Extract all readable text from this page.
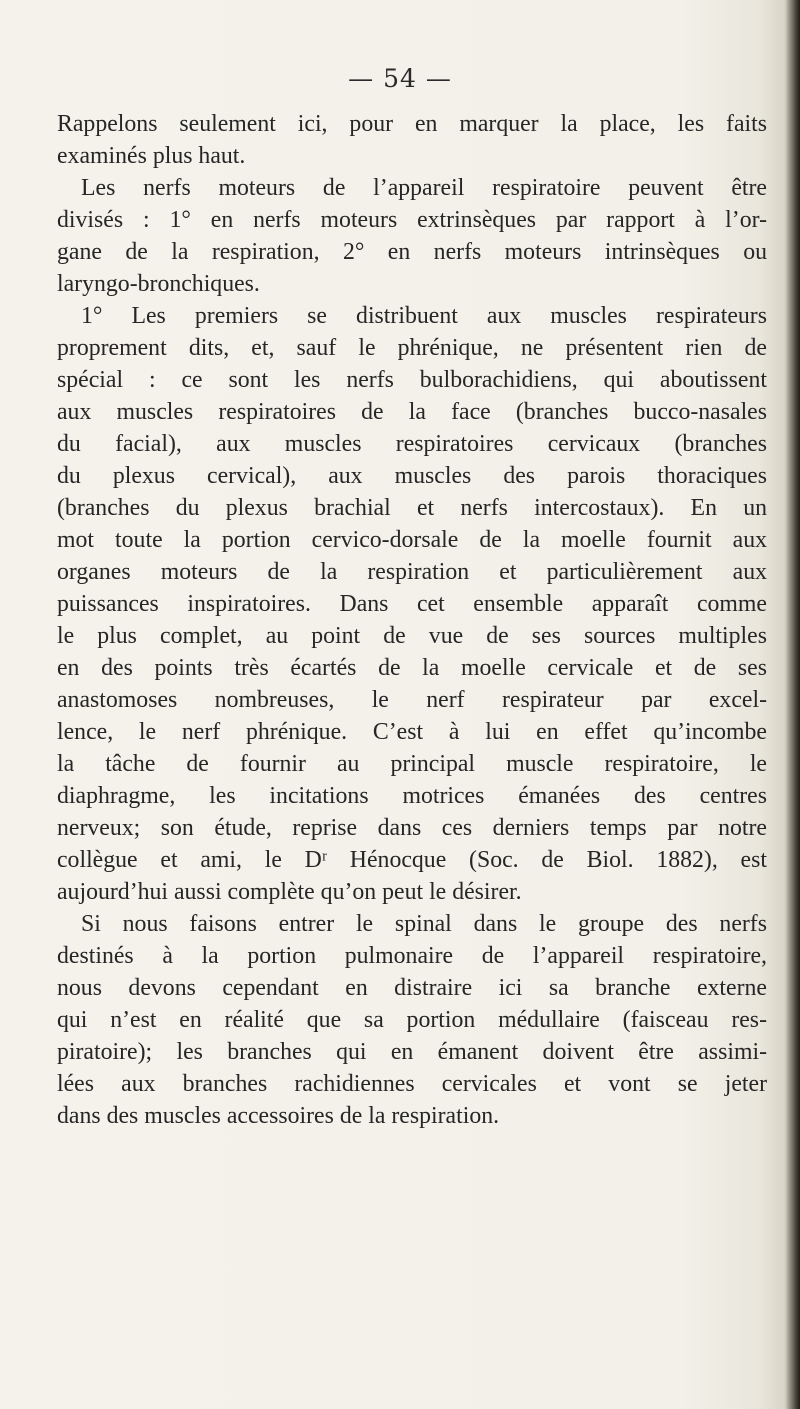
— 54 —
Rappelons seulement ici, pour en marquer la place, les faits
examinés plus haut.
Les nerfs moteurs de l’appareil respiratoire peuvent être
divisés : 1° en nerfs moteurs extrinsèques par rapport à l’or-
gane de la respiration, 2° en nerfs moteurs intrinsèques ou
laryngo-bronchiques.
1° Les premiers se distribuent aux muscles respirateurs
proprement dits, et, sauf le phrénique, ne présentent rien de
spécial : ce sont les nerfs bulborachidiens, qui aboutissent
aux muscles respiratoires de la face (branches bucco-nasales
du facial), aux muscles respiratoires cervicaux (branches
du plexus cervical), aux muscles des parois thoraciques
(branches du plexus brachial et nerfs intercostaux). En un
mot toute la portion cervico-dorsale de la moelle fournit aux
organes moteurs de la respiration et particulièrement aux
puissances inspiratoires. Dans cet ensemble apparaît comme
le plus complet, au point de vue de ses sources multiples
en des points très écartés de la moelle cervicale et de ses
anastomoses nombreuses, le nerf respirateur par excel-
lence, le nerf phrénique. C’est à lui en effet qu’incombe
la tâche de fournir au principal muscle respiratoire, le
diaphragme, les incitations motrices émanées des centres
nerveux; son étude, reprise dans ces derniers temps par notre
collègue et ami, le Dʳ Hénocque (Soc. de Biol. 1882), est
aujourd’hui aussi complète qu’on peut le désirer.
Si nous faisons entrer le spinal dans le groupe des nerfs
destinés à la portion pulmonaire de l’appareil respiratoire,
nous devons cependant en distraire ici sa branche externe
qui n’est en réalité que sa portion médullaire (faisceau res-
piratoire); les branches qui en émanent doivent être assimi-
lées aux branches rachidiennes cervicales et vont se jeter
dans des muscles accessoires de la respiration.
